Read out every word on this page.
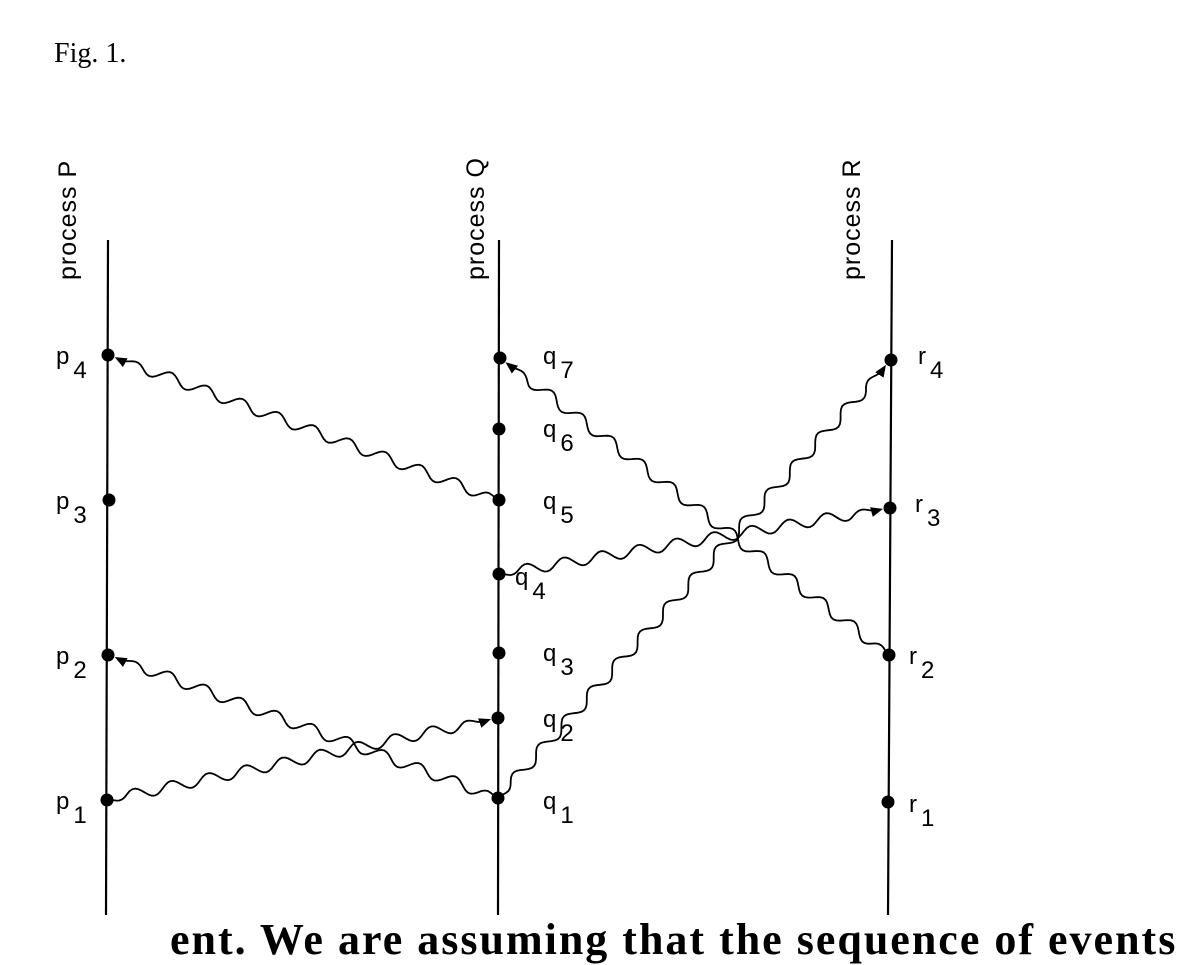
Fig. 1.
process P	process Q	process R
$p_1$
$p_2$
$p_3$
$p_4$
$q_1$
$q_2$
$q_3$
$q_4$
$q_5$
$q_6$
$q_7$
$r_1$
$r_2$
$r_3$
$r_4$
ent. We are assuming that the sequence of events
